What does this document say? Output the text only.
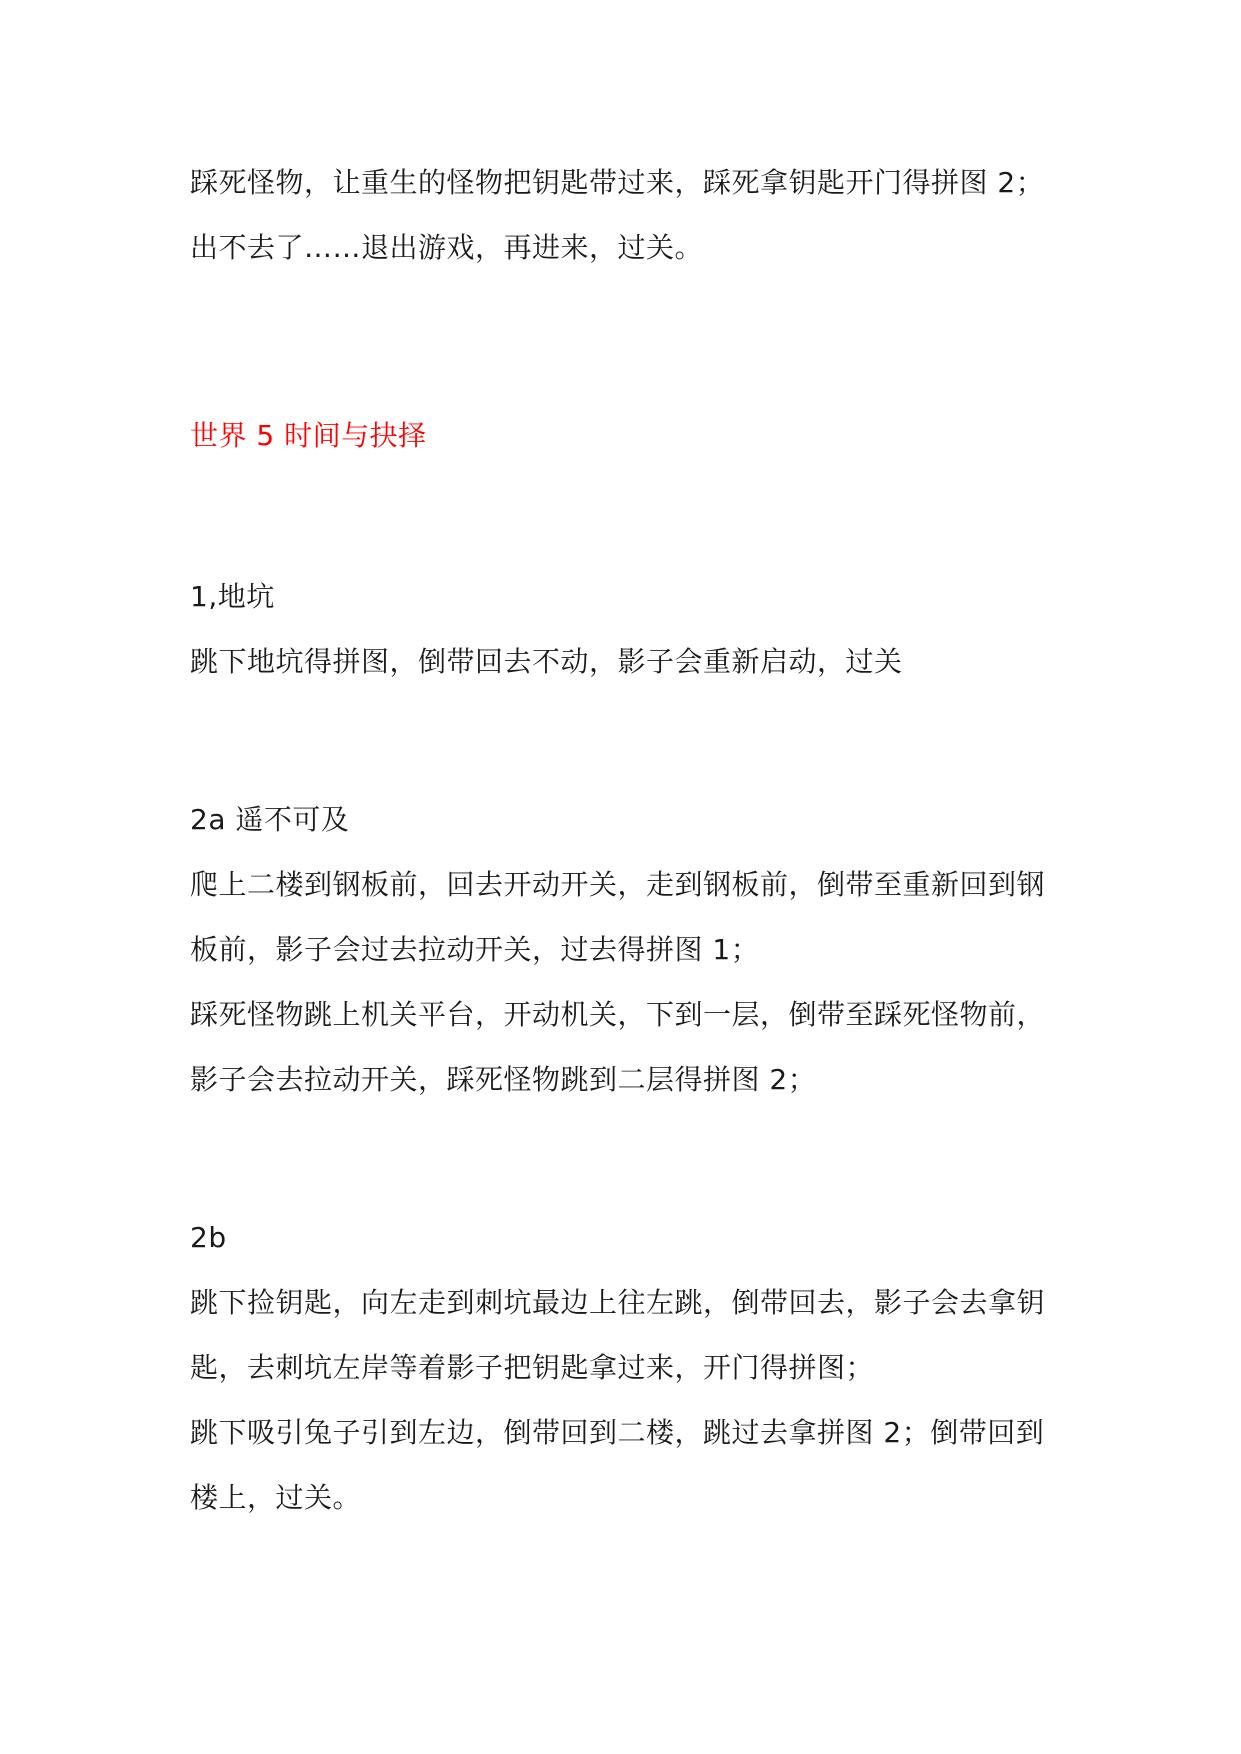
踩死怪物，让重生的怪物把钥匙带过来，踩死拿钥匙开门得拼图 2；
出不去了……退出游戏，再进来，过关。
世界 5 时间与抉择
1,地坑
跳下地坑得拼图，倒带回去不动，影子会重新启动，过关
2a 遥不可及
爬上二楼到钢板前，回去开动开关，走到钢板前，倒带至重新回到钢
板前，影子会过去拉动开关，过去得拼图 1；
踩死怪物跳上机关平台，开动机关，下到一层，倒带至踩死怪物前，
影子会去拉动开关，踩死怪物跳到二层得拼图 2；
2b
跳下捡钥匙，向左走到刺坑最边上往左跳，倒带回去，影子会去拿钥
匙，去刺坑左岸等着影子把钥匙拿过来，开门得拼图；
跳下吸引兔子引到左边，倒带回到二楼，跳过去拿拼图 2；倒带回到
楼上，过关。
